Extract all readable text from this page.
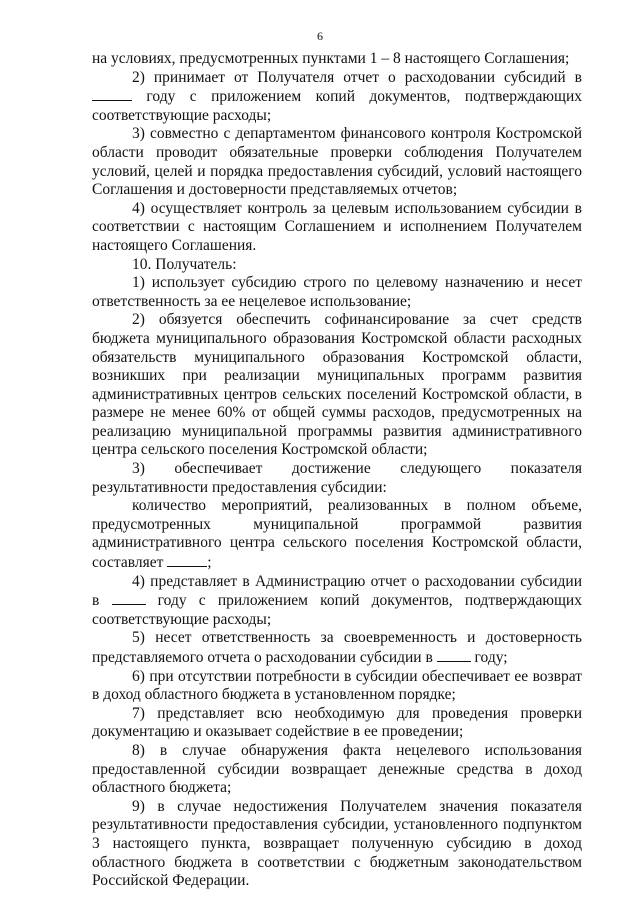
6

на условиях, предусмотренных пунктами 1 – 8 настоящего Соглашения;

2) принимает от Получателя отчет о расходовании субсидий в  году с приложением копий документов, подтверждающих соответствующие расходы;

3) совместно с департаментом финансового контроля Костромской области проводит обязательные проверки соблюдения Получателем условий, целей и порядка предоставления субсидий, условий настоящего Соглашения и достоверности представляемых отчетов;

4) осуществляет контроль за целевым использованием субсидии в соответствии с настоящим Соглашением и исполнением Получателем настоящего Соглашения.

10. Получатель:

1) использует субсидию строго по целевому назначению и несет ответственность за ее нецелевое использование;

2) обязуется обеспечить софинансирование за счет средств бюджета муниципального образования Костромской области расходных обязательств муниципального образования Костромской области, возникших при реализации муниципальных программ развития административных центров сельских поселений Костромской области, в размере не менее 60% от общей суммы расходов, предусмотренных на реализацию муниципальной программы развития административного центра сельского поселения Костромской области;

3) обеспечивает достижение следующего показателя результативности предоставления субсидии:

количество мероприятий, реализованных в полном объеме, предусмотренных муниципальной программой развития административного центра сельского поселения Костромской области, составляет	;

4) представляет в Администрацию отчет о расходовании субсидии в  году с приложением копий документов, подтверждающих соответствующие расходы;

5) несет ответственность за своевременность и достоверность представляемого отчета о расходовании субсидии в  году;

6) при отсутствии потребности в субсидии обеспечивает ее возврат в доход областного бюджета в установленном порядке;

7) представляет всю необходимую для проведения проверки документацию и оказывает содействие в ее проведении;

8) в случае обнаружения факта нецелевого использования предоставленной субсидии возвращает денежные средства в доход областного бюджета;

9) в случае недостижения Получателем значения показателя результативности предоставления субсидии, установленного подпунктом 3 настоящего пункта, возвращает полученную субсидию в доход областного бюджета в соответствии с бюджетным законодательством Российской Федерации.
